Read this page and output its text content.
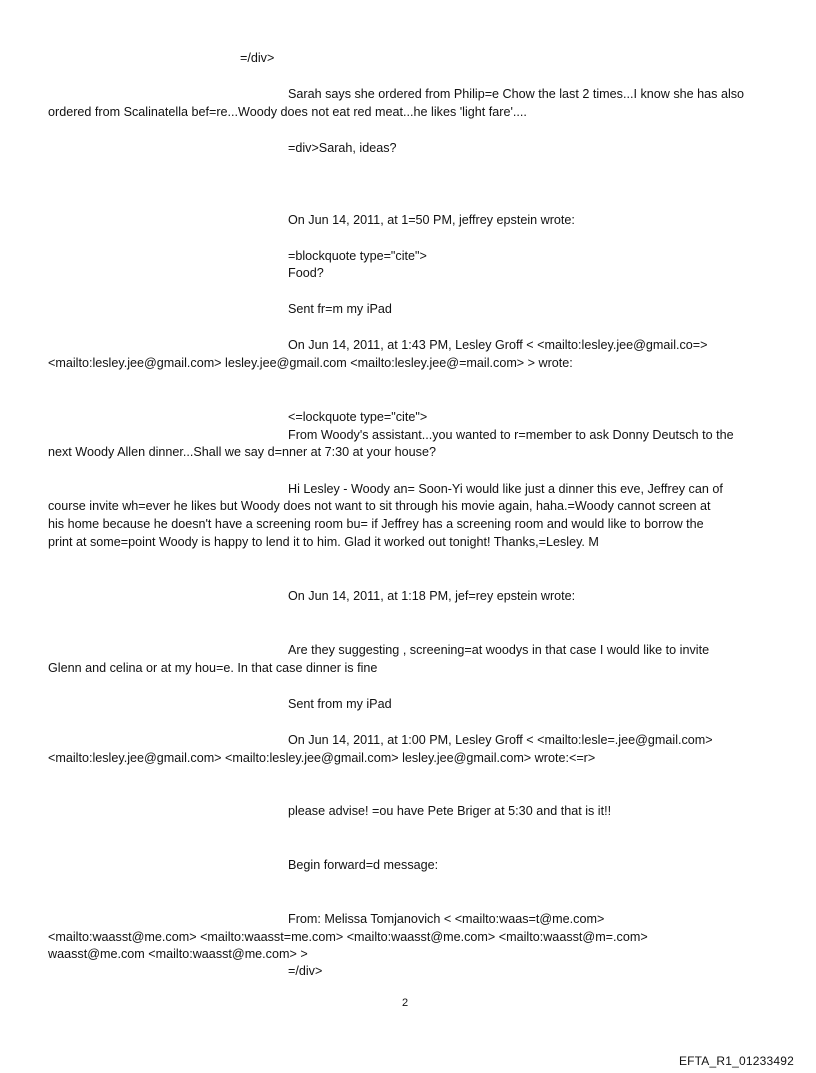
=/div>

Sarah says she ordered from Philip=e Chow the last 2 times...I know she has also

ordered from Scalinatella bef=re...Woody does not eat red meat...he likes 'light fare'....

=div>Sarah, ideas?

On Jun 14, 2011, at 1=50 PM, jeffrey epstein wrote:

=blockquote type="cite">

Food?

Sent fr=m my iPad

On Jun 14, 2011, at 1:43 PM, Lesley Groff < <mailto:lesley.jee@gmail.co=>

<mailto:lesley.jee@gmail.com> lesley.jee@gmail.com <mailto:lesley.jee@=mail.com> > wrote:

<=lockquote type="cite">

From Woody's assistant...you wanted to r=member to ask Donny Deutsch to the

next Woody Allen dinner...Shall we say d=nner at 7:30 at your house?

Hi Lesley - Woody an= Soon-Yi would like just a dinner this eve, Jeffrey can of

course invite wh=ever he likes but Woody does not want to sit through his movie again, haha.=Woody cannot screen at

his home because he doesn't have a screening room bu= if Jeffrey has a screening room and would like to borrow the

print at some=point Woody is happy to lend it to him. Glad it worked out tonight! Thanks,=Lesley. M

On Jun 14, 2011, at 1:18 PM, jef=rey epstein wrote:

Are they suggesting , screening=at woodys in that case I would like to invite

Glenn and celina or at my hou=e. In that case dinner is fine

Sent from my iPad

On Jun 14, 2011, at 1:00 PM, Lesley Groff < <mailto:lesle=.jee@gmail.com>

<mailto:lesley.jee@gmail.com> <mailto:lesley.jee@gmail.com> lesley.jee@gmail.com> wrote:<=r>

please advise! =ou have Pete Briger at 5:30 and that is it!!

Begin forward=d message:

From: Melissa Tomjanovich < <mailto:waas=t@me.com>

<mailto:waasst@me.com> <mailto:waasst=me.com> <mailto:waasst@me.com> <mailto:waasst@m=.com>

waasst@me.com <mailto:waasst@me.com> >

=/div>

2
EFTA_R1_01233492
